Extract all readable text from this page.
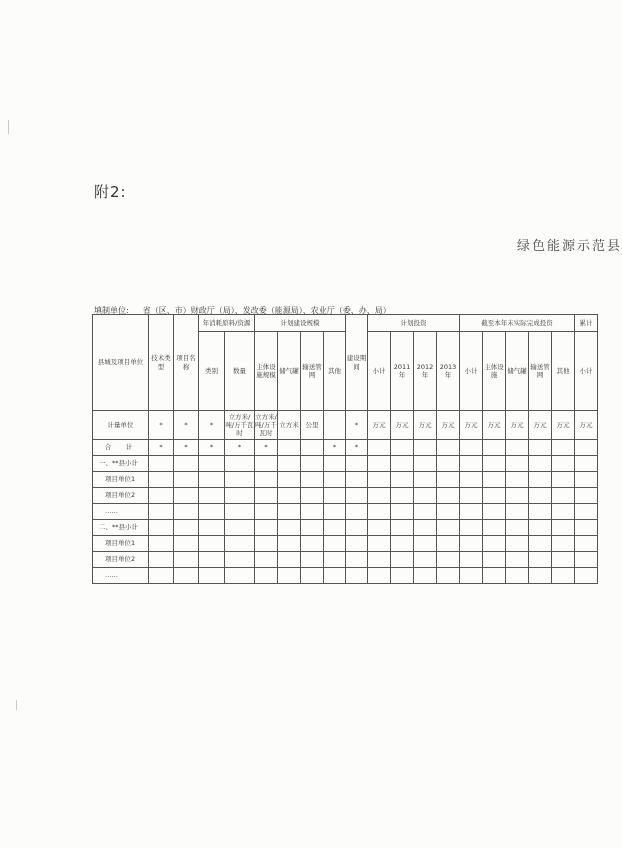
附2:
绿色能源示范县
填制单位: 省（区、市）财政厅（局）、发改委（能源局）、农业厅（委、办、局）
县城及项目单位	技术类型	项目名称	年消耗原料/资源		计划建设规模				建设期间	计划投资				截至本年末实际完成投资					累计
			类别	数量	主体设施规模	储气罐	输送管网	其他		小计	2011年	2012年	2013年	小计	主体设施	储气罐	输送管网	其他	小计
计量单位	*	*	*	立方米/吨/万千瓦时	立方米/吨/万千瓦时	立方米	公里		*	万元	万元	万元	万元	万元	万元	万元	万元	万元	万元
合　计	*	*	*	*	*			*	*										
一、**县小计																			
项目单位1																			
项目单位2																			
……																			
二、**县小计																			
项目单位1																			
项目单位2																			
……																			
